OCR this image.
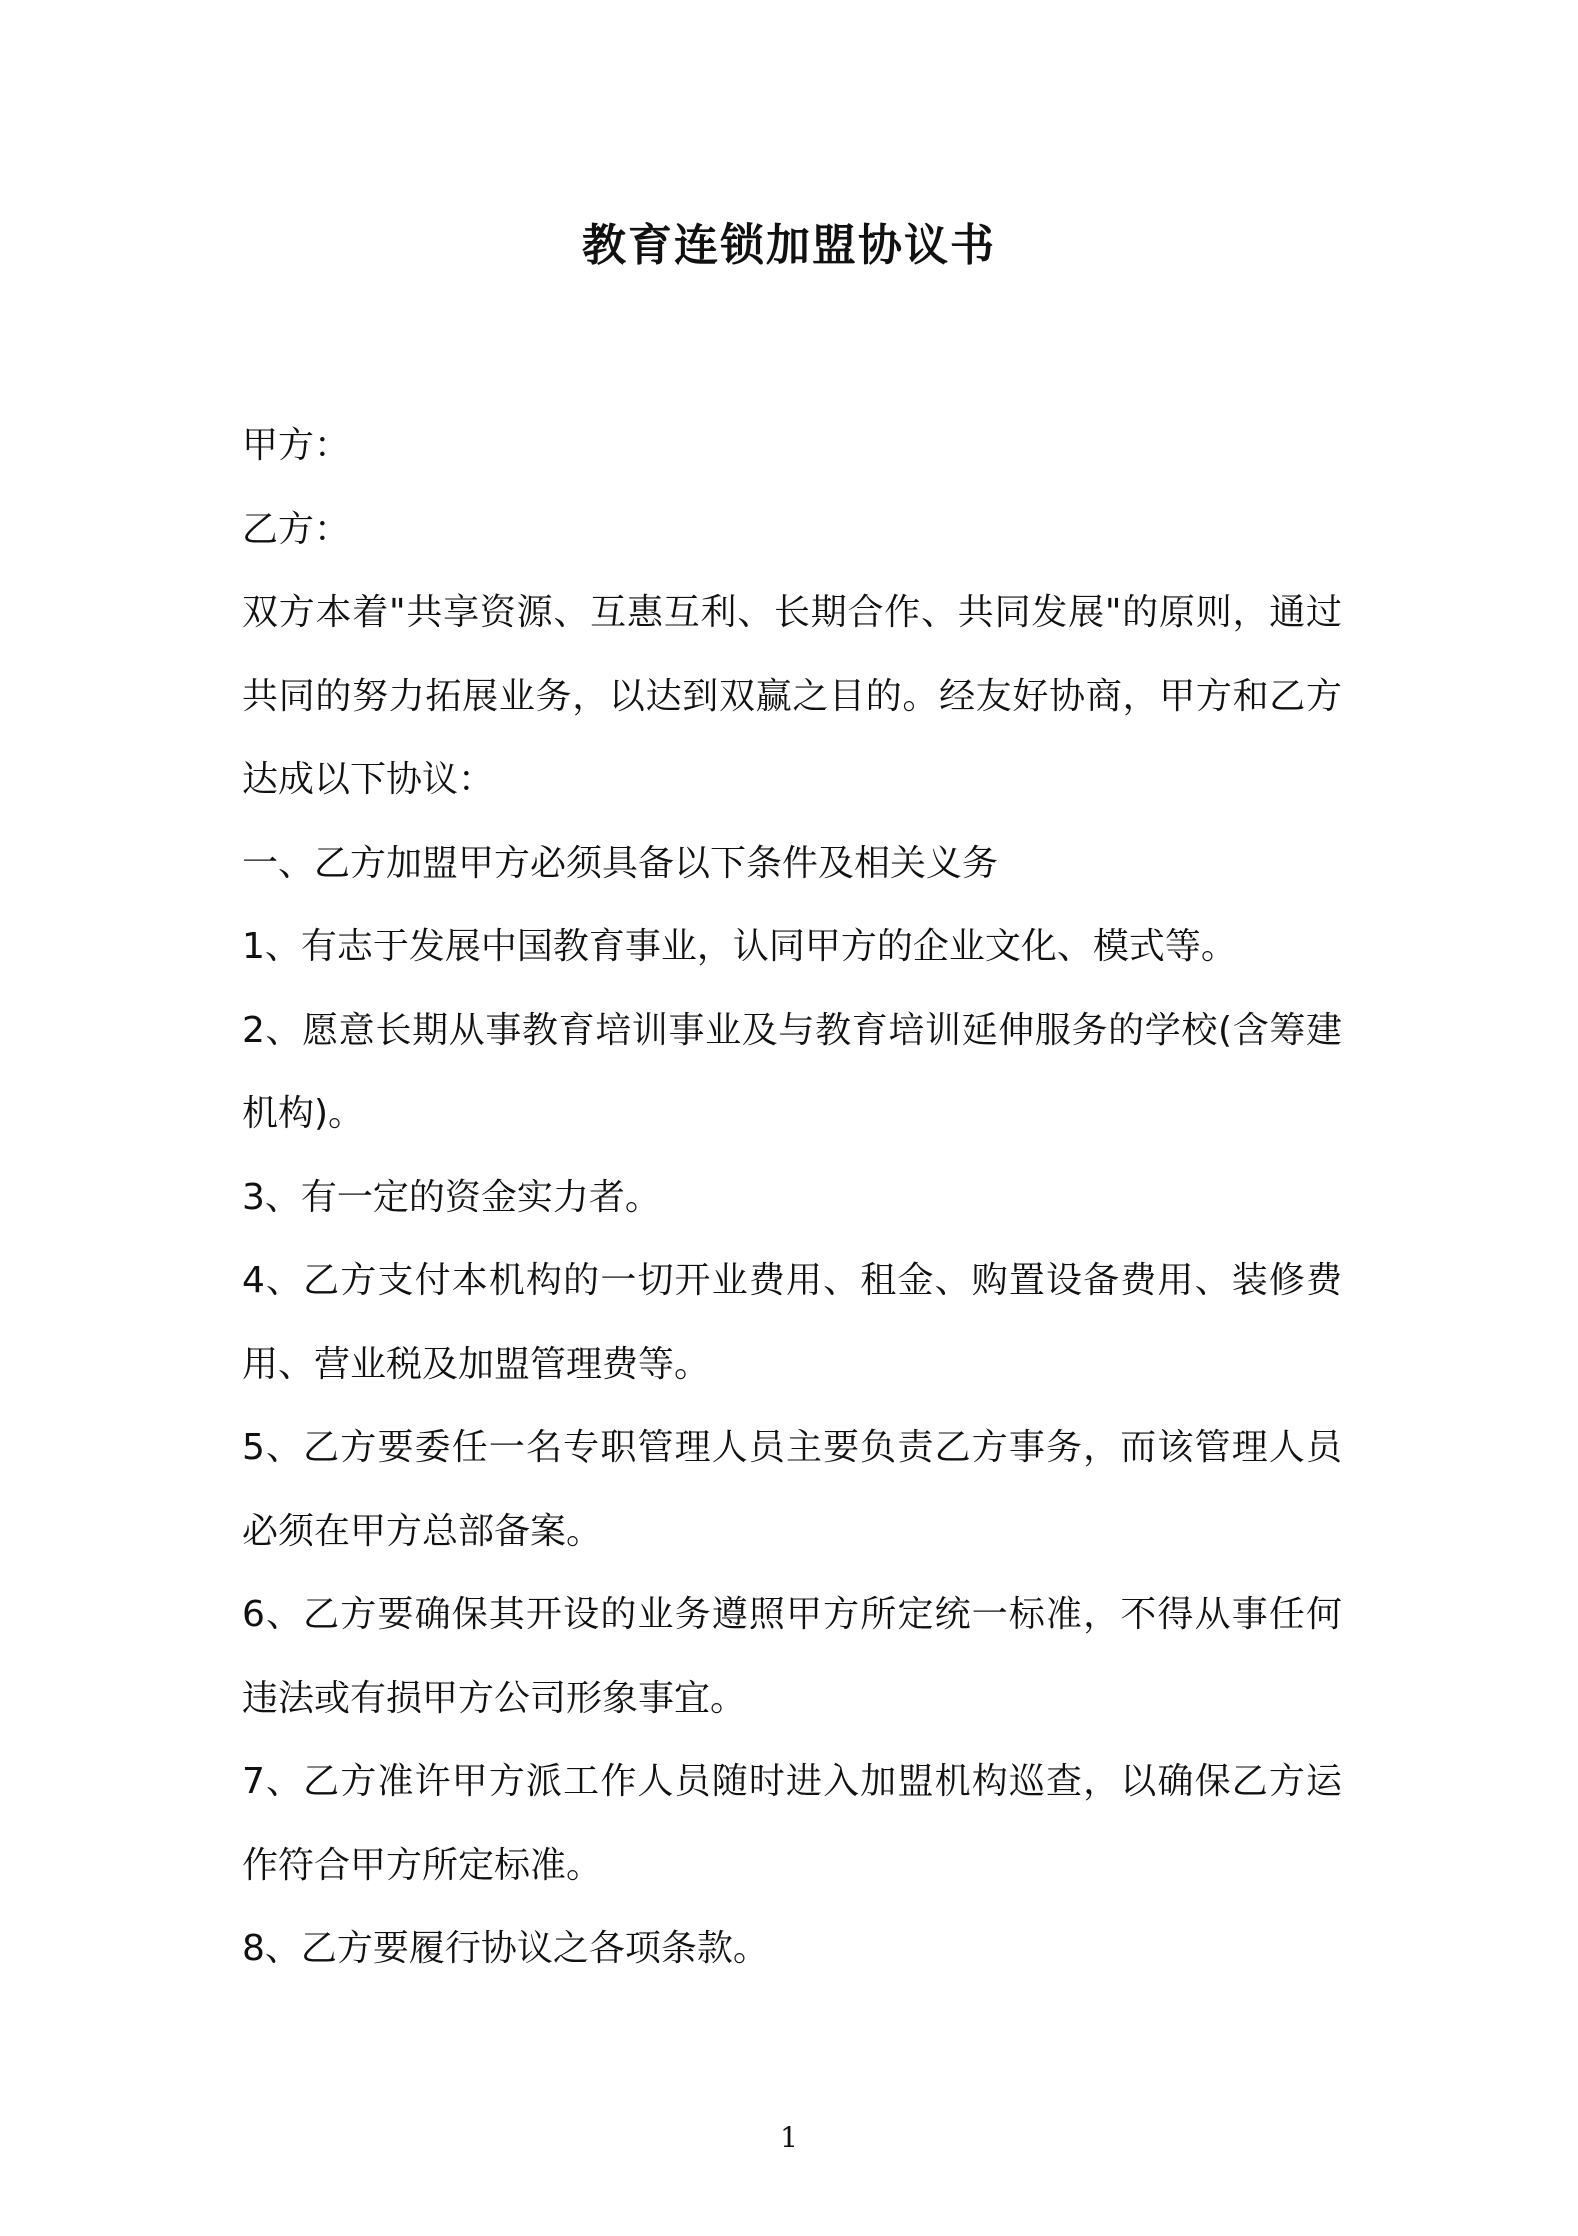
教育连锁加盟协议书

甲方：

乙方：

双方本着"共享资源、互惠互利、长期合作、共同发展"的原则，通过共同的努力拓展业务，以达到双赢之目的。经友好协商，甲方和乙方达成以下协议：

一、乙方加盟甲方必须具备以下条件及相关义务

1、有志于发展中国教育事业，认同甲方的企业文化、模式等。

2、愿意长期从事教育培训事业及与教育培训延伸服务的学校(含筹建机构)。

3、有一定的资金实力者。

4、乙方支付本机构的一切开业费用、租金、购置设备费用、装修费用、营业税及加盟管理费等。

5、乙方要委任一名专职管理人员主要负责乙方事务，而该管理人员必须在甲方总部备案。

6、乙方要确保其开设的业务遵照甲方所定统一标准，不得从事任何违法或有损甲方公司形象事宜。

7、乙方准许甲方派工作人员随时进入加盟机构巡查，以确保乙方运作符合甲方所定标准。

8、乙方要履行协议之各项条款。

1
